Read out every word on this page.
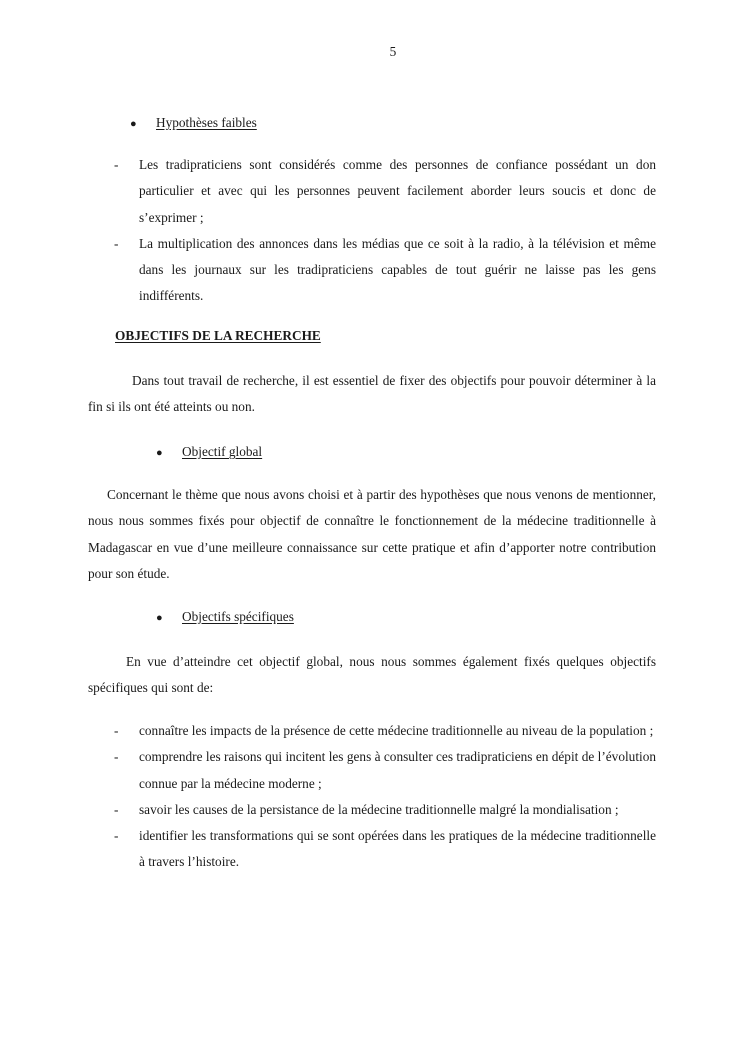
5
● Hypothèses faibles
- Les tradipraticiens sont considérés comme des personnes de confiance possédant un don particulier et avec qui les personnes peuvent facilement aborder leurs soucis et donc de s’exprimer ;
- La multiplication des annonces dans les médias que ce soit à la radio, à la télévision et même dans les journaux sur les tradipraticiens capables de tout guérir ne laisse pas les gens indifférents.
OBJECTIFS DE LA RECHERCHE

Dans tout travail de recherche, il est essentiel de fixer des objectifs pour pouvoir déterminer à la fin si ils ont été atteints ou non.

● Objectif global

Concernant le thème que nous avons choisi et à partir des hypothèses que nous venons de mentionner, nous nous sommes fixés pour objectif de connaître le fonctionnement de la médecine traditionnelle à Madagascar en vue d’une meilleure connaissance sur cette pratique et afin d’apporter notre contribution pour son étude.

● Objectifs spécifiques

En vue d’atteindre cet objectif global, nous nous sommes également fixés quelques objectifs spécifiques qui sont de:

- connaître les impacts de la présence de cette médecine traditionnelle au niveau de la population ;
- comprendre les raisons qui incitent les gens à consulter ces tradipraticiens en dépit de l’évolution connue par la médecine moderne ;
- savoir les causes de la persistance de la médecine traditionnelle malgré la mondialisation ;
- identifier les transformations qui se sont opérées dans les pratiques de la médecine traditionnelle à travers l’histoire.
